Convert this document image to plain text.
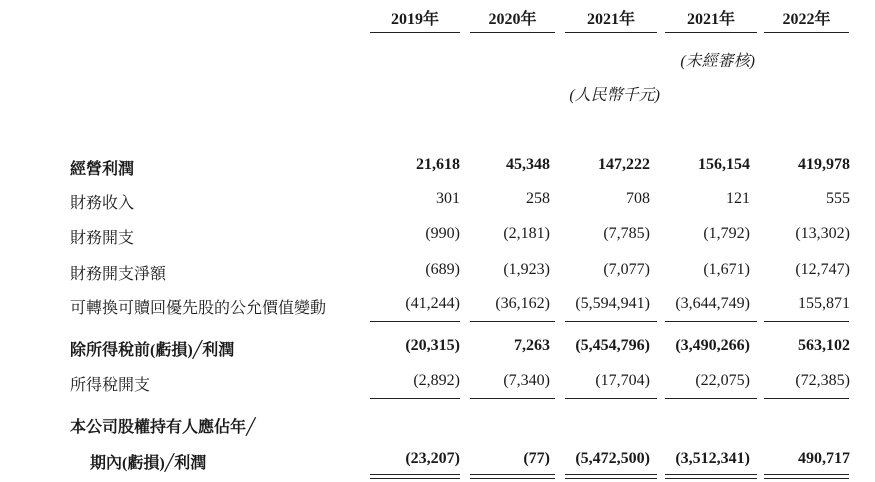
2019年	2020年	2021年	2021年	2022年
(未經審核)
(人民幣千元)
經營利潤	21,618	45,348	147,222	156,154	419,978
財務收入	301	258	708	121	555
財務開支	(990)	(2,181)	(7,785)	(1,792)	(13,302)
財務開支淨額	(689)	(1,923)	(7,077)	(1,671)	(12,747)
可轉換可贖回優先股的公允價值變動	(41,244)	(36,162)	(5,594,941)	(3,644,749)	155,871
除所得稅前(虧損)╱利潤	(20,315)	7,263	(5,454,796)	(3,490,266)	563,102
所得稅開支	(2,892)	(7,340)	(17,704)	(22,075)	(72,385)
本公司股權持有人應佔年╱
期內(虧損)╱利潤	(23,207)	(77)	(5,472,500)	(3,512,341)	490,717
